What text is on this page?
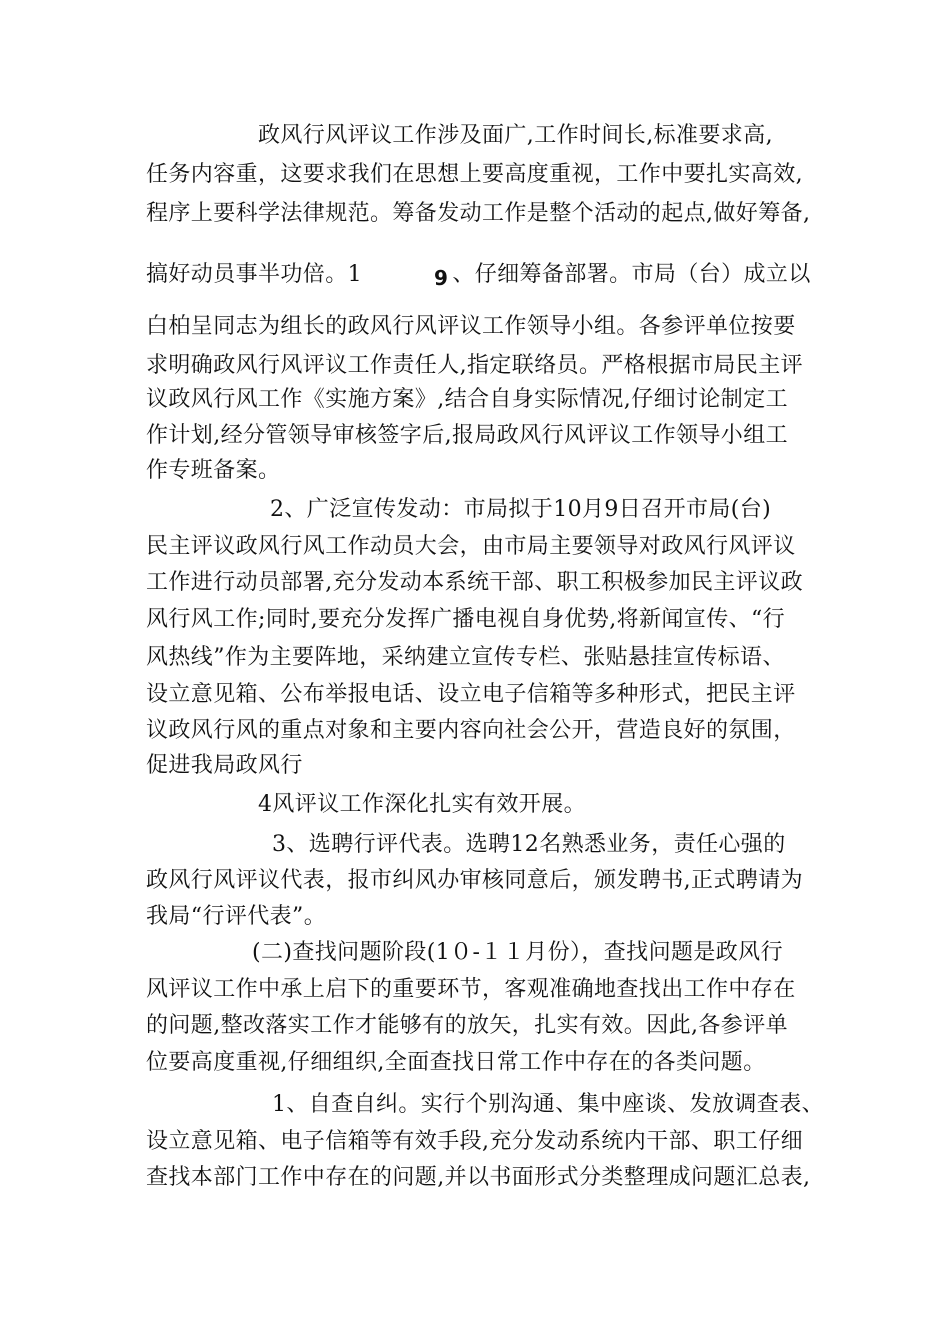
政风行风评议工作涉及面广,工作时间长,标准要求高,
任务内容重，这要求我们在思想上要高度重视，工作中要扎实高效,
程序上要科学法律规范。筹备发动工作是整个活动的起点,做好筹备,
搞好动员事半功倍。1	9 、仔细筹备部署。市局（台）成立以
白柏呈同志为组长的政风行风评议工作领导小组。各参评单位按要
求明确政风行风评议工作责任人,指定联络员。严格根据市局民主评
议政风行风工作《实施方案》,结合自身实际情况,仔细讨论制定工
作计划,经分管领导审核签字后,报局政风行风评议工作领导小组工
作专班备案。
2、广泛宣传发动：市局拟于10月9日召开市局(台)
民主评议政风行风工作动员大会，由市局主要领导对政风行风评议
工作进行动员部署,充分发动本系统干部、职工积极参加民主评议政
风行风工作;同时,要充分发挥广播电视自身优势,将新闻宣传、“行
风热线”作为主要阵地，采纳建立宣传专栏、张贴悬挂宣传标语、
设立意见箱、公布举报电话、设立电子信箱等多种形式，把民主评
议政风行风的重点对象和主要内容向社会公开，营造良好的氛围，
促进我局政风行
4风评议工作深化扎实有效开展。
3、选聘行评代表。选聘12名熟悉业务，责任心强的
政风行风评议代表，报市纠风办审核同意后，颁发聘书,正式聘请为
我局“行评代表”。
(二)查找问题阶段(1０-１１月份），查找问题是政风行
风评议工作中承上启下的重要环节，客观准确地查找出工作中存在
的问题,整改落实工作才能够有的放矢，扎实有效。因此,各参评单
位要高度重视,仔细组织,全面查找日常工作中存在的各类问题。
1、自查自纠。实行个别沟通、集中座谈、发放调查表、
设立意见箱、电子信箱等有效手段,充分发动系统内干部、职工仔细
查找本部门工作中存在的问题,并以书面形式分类整理成问题汇总表,
